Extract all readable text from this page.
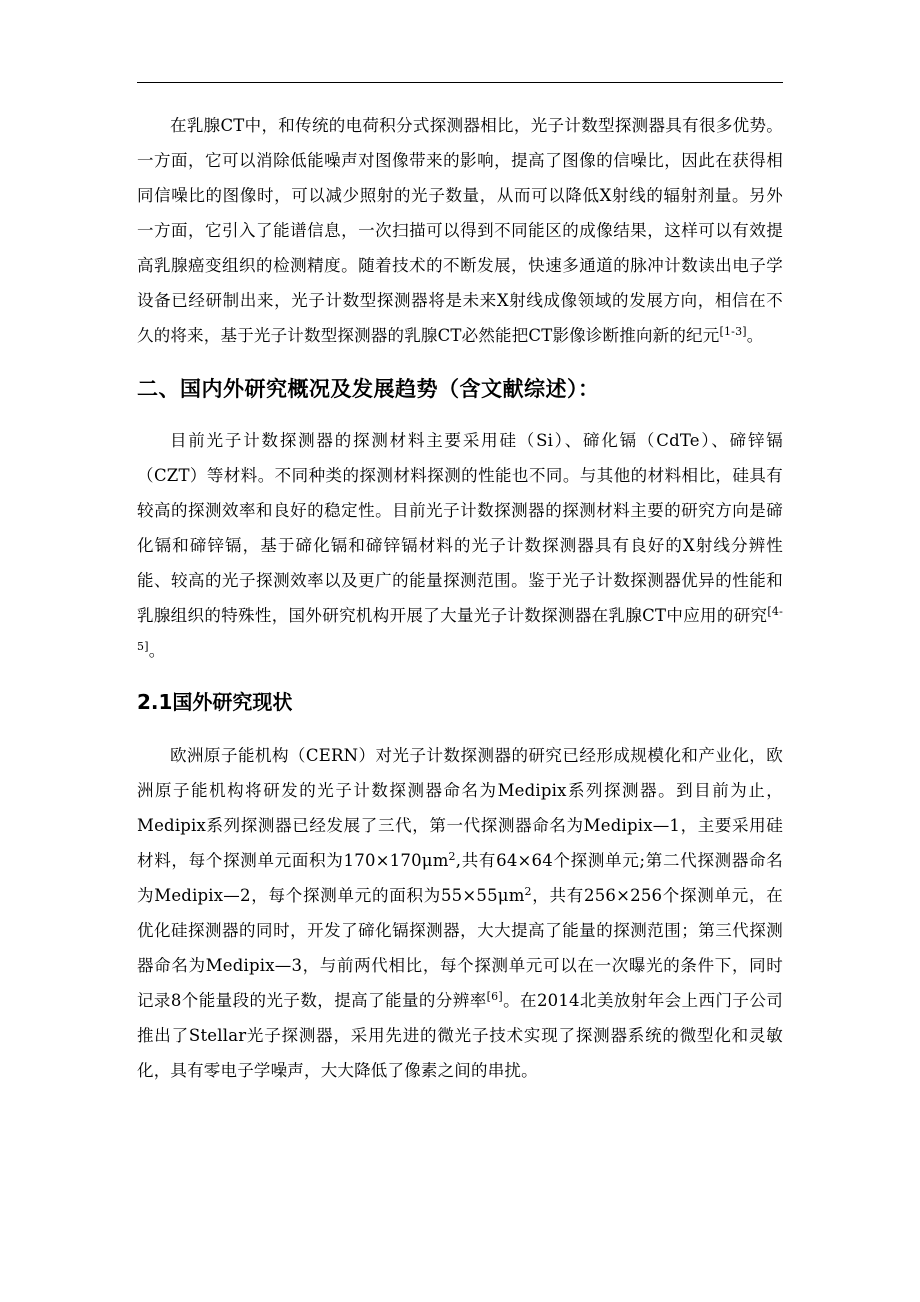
在乳腺CT中，和传统的电荷积分式探测器相比，光子计数型探测器具有很多优势。一方面，它可以消除低能噪声对图像带来的影响，提高了图像的信噪比，因此在获得相同信噪比的图像时，可以减少照射的光子数量，从而可以降低X射线的辐射剂量。另外一方面，它引入了能谱信息，一次扫描可以得到不同能区的成像结果，这样可以有效提高乳腺癌变组织的检测精度。随着技术的不断发展，快速多通道的脉冲计数读出电子学设备已经研制出来，光子计数型探测器将是未来X射线成像领域的发展方向，相信在不久的将来，基于光子计数型探测器的乳腺CT必然能把CT影像诊断推向新的纪元[1-3]。

二、国内外研究概况及发展趋势（含文献综述）：

目前光子计数探测器的探测材料主要采用硅（Si）、碲化镉（CdTe）、碲锌镉（CZT）等材料。不同种类的探测材料探测的性能也不同。与其他的材料相比，硅具有较高的探测效率和良好的稳定性。目前光子计数探测器的探测材料主要的研究方向是碲化镉和碲锌镉，基于碲化镉和碲锌镉材料的光子计数探测器具有良好的X射线分辨性能、较高的光子探测效率以及更广的能量探测范围。鉴于光子计数探测器优异的性能和乳腺组织的特殊性，国外研究机构开展了大量光子计数探测器在乳腺CT中应用的研究[4-5]。

2.1国外研究现状

欧洲原子能机构（CERN）对光子计数探测器的研究已经形成规模化和产业化，欧洲原子能机构将研发的光子计数探测器命名为Medipix系列探测器。到目前为止，Medipix系列探测器已经发展了三代，第一代探测器命名为Medipix—1，主要采用硅材料，每个探测单元面积为$170\times 170\mu m^2$,共有64×64个探测单元;第二代探测器命名为Medipix—2，每个探测单元的面积为$55\times 55\mu m^2$，共有256×256个探测单元，在优化硅探测器的同时，开发了碲化镉探测器，大大提高了能量的探测范围；第三代探测器命名为Medipix—3，与前两代相比，每个探测单元可以在一次曝光的条件下，同时记录8个能量段的光子数，提高了能量的分辨率[6]。在2014北美放射年会上西门子公司推出了Stellar光子探测器，采用先进的微光子技术实现了探测器系统的微型化和灵敏化，具有零电子学噪声，大大降低了像素之间的串扰。
